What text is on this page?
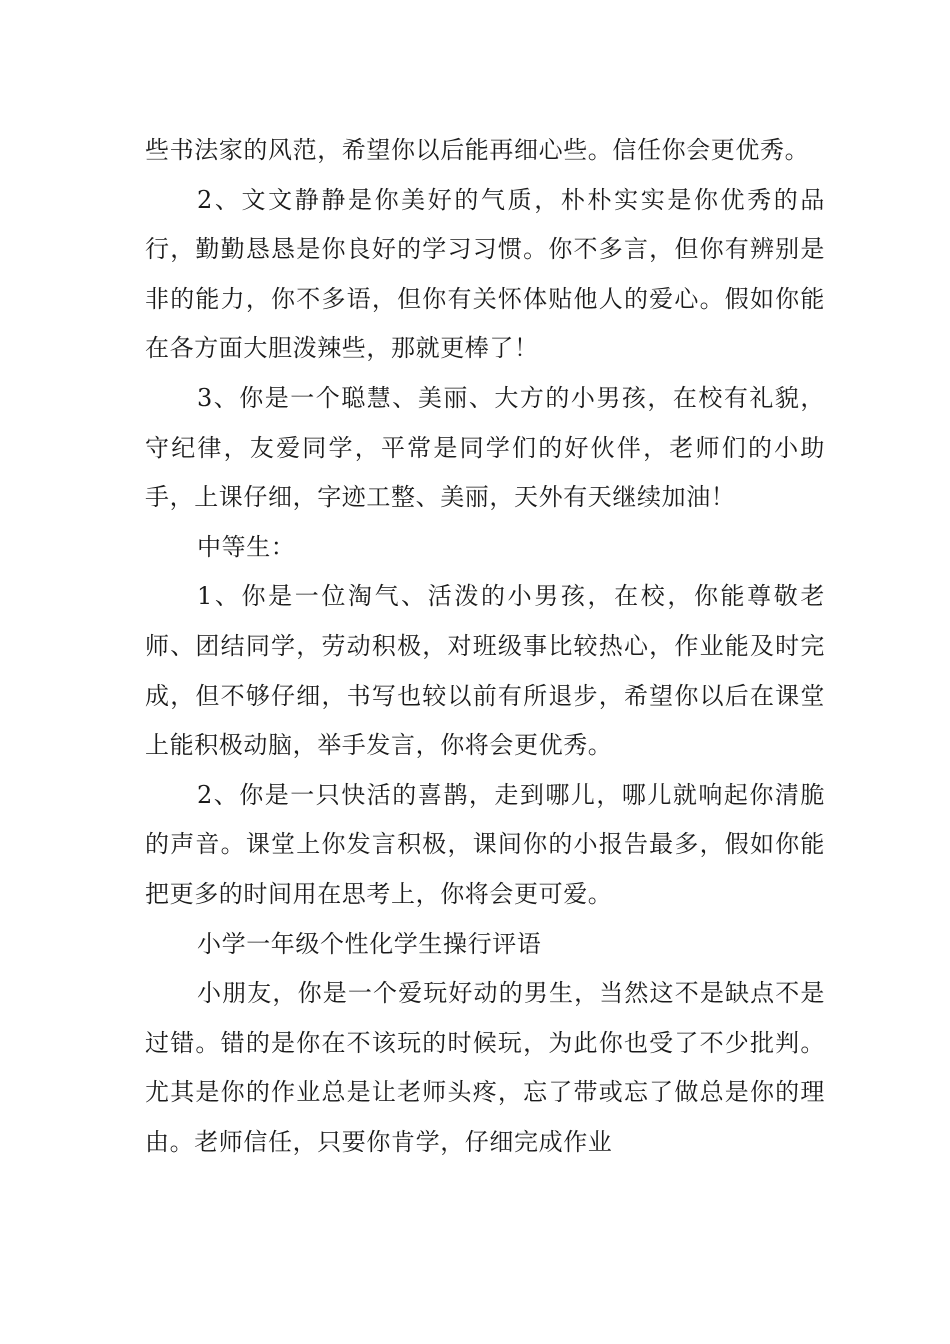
些书法家的风范，希望你以后能再细心些。信任你会更优秀。

2、文文静静是你美好的气质，朴朴实实是你优秀的品行，勤勤恳恳是你良好的学习习惯。你不多言，但你有辨别是非的能力，你不多语，但你有关怀体贴他人的爱心。假如你能在各方面大胆泼辣些，那就更棒了！

3、你是一个聪慧、美丽、大方的小男孩，在校有礼貌，守纪律，友爱同学，平常是同学们的好伙伴，老师们的小助手，上课仔细，字迹工整、美丽，天外有天继续加油！

中等生：

1、你是一位淘气、活泼的小男孩，在校，你能尊敬老师、团结同学，劳动积极，对班级事比较热心，作业能及时完成，但不够仔细，书写也较以前有所退步，希望你以后在课堂上能积极动脑，举手发言，你将会更优秀。

2、你是一只快活的喜鹊，走到哪儿，哪儿就响起你清脆的声音。课堂上你发言积极，课间你的小报告最多，假如你能把更多的时间用在思考上，你将会更可爱。

小学一年级个性化学生操行评语

小朋友，你是一个爱玩好动的男生，当然这不是缺点不是过错。错的是你在不该玩的时候玩，为此你也受了不少批判。尤其是你的作业总是让老师头疼，忘了带或忘了做总是你的理由。老师信任，只要你肯学，仔细完成作业
